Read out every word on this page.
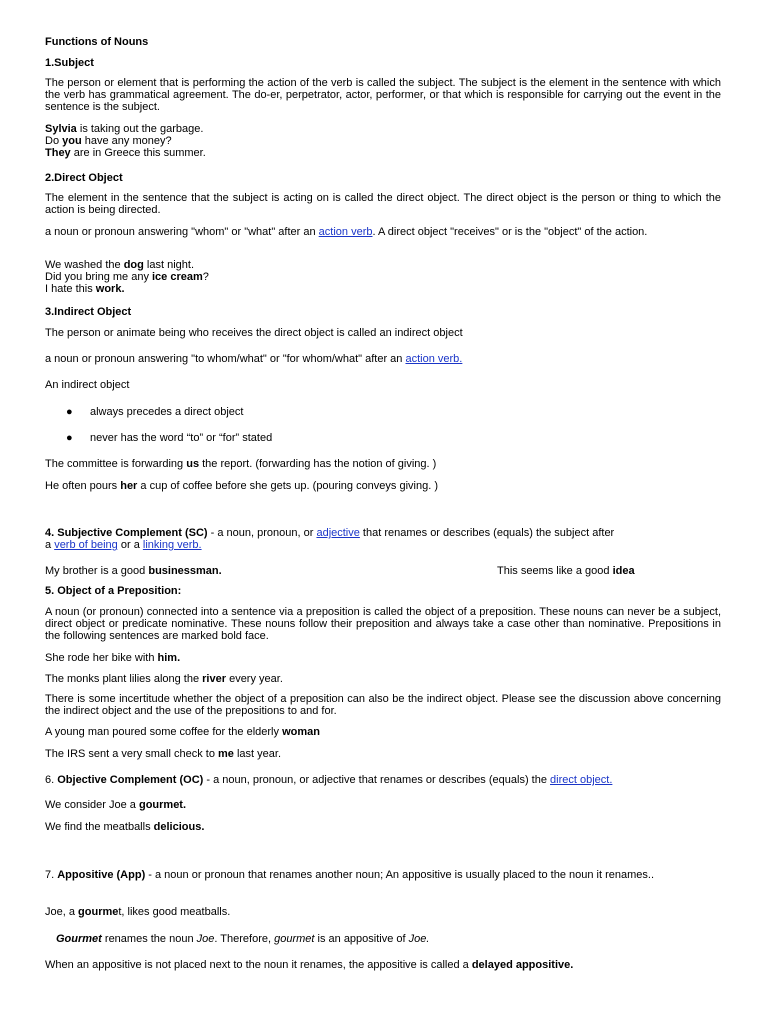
Functions of Nouns

1.Subject

The person or element that is performing the action of the verb is called the subject. The subject is the element in the sentence with which the verb has grammatical agreement. The do-er, perpetrator, actor, performer, or that which is responsible for carrying out the event in the sentence is the subject.

Sylvia is taking out the garbage.

Do you have any money?

They are in Greece this summer.

2.Direct Object

The element in the sentence that the subject is acting on is called the direct object. The direct object is the person or thing to which the action is being directed.

a noun or pronoun answering "whom" or "what" after an action verb. A direct object "receives" or is the "object" of the action.

We washed the dog last night.

Did you bring me any ice cream?

I hate this work.

3.Indirect Object

The person or animate being who receives the direct object is called an indirect object

a noun or pronoun answering "to whom/what" or "for whom/what" after an action verb.

An indirect object

● always precedes a direct object
● never has the word “to” or “for” stated

The committee is forwarding us the report. (forwarding has the notion of giving. )

He often pours her a cup of coffee before she gets up. (pouring conveys giving. )

4. Subjective Complement (SC) - a noun, pronoun, or adjective that renames or describes (equals) the subject after

a verb of being or a linking verb.

My brother is a good businessman.	This seems like a good idea

5. Object of a Preposition:

A noun (or pronoun) connected into a sentence via a preposition is called the object of a preposition. These nouns can never be a subject, direct object or predicate nominative. These nouns follow their preposition and always take a case other than nominative. Prepositions in the following sentences are marked bold face.

She rode her bike with him.

The monks plant lilies along the river every year.

There is some incertitude whether the object of a preposition can also be the indirect object. Please see the discussion above concerning the indirect object and the use of the prepositions to and for.

A young man poured some coffee for the elderly woman

The IRS sent a very small check to me last year.

6. Objective Complement (OC) - a noun, pronoun, or adjective that renames or describes (equals) the direct object.

We consider Joe a gourmet.

We find the meatballs delicious.

7. Appositive (App) - a noun or pronoun that renames another noun; An appositive is usually placed to the noun it renames..

Joe, a gourmet, likes good meatballs.

Gourmet renames the noun Joe. Therefore, gourmet is an appositive of Joe.

When an appositive is not placed next to the noun it renames, the appositive is called a delayed appositive.
